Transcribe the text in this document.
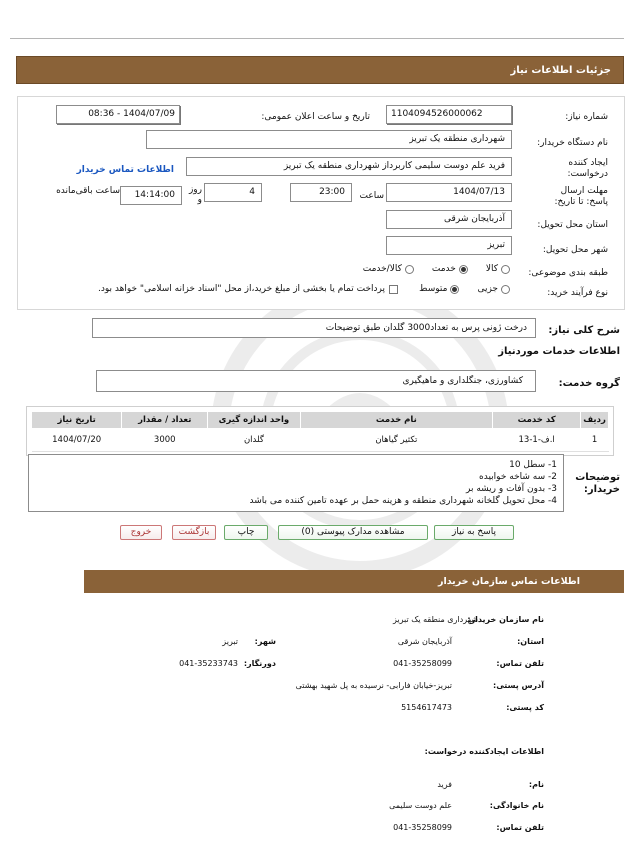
جزئیات اطلاعات نیاز
شماره نیاز:
1104094526000062
تاریخ و ساعت اعلان عمومی:
1404/07/09 - 08:36
نام دستگاه خریدار:
شهرداری منطقه یک تبریز
ایجاد کننده درخواست:
فرید علم دوست سلیمی کاربرداز شهرداری منطقه یک تبریز
اطلاعات تماس خریدار
مهلت ارسال پاسخ: تا تاریخ:
1404/07/13
ساعت
23:00
4
روز و
14:14:00
ساعت باقی‌مانده
استان محل تحویل:
آذربایجان شرقی
شهر محل تحویل:
تبریز
طبقه بندی موضوعی:
کالا
خدمت
کالا/خدمت
نوع فرآیند خرید:
جزیی
متوسط
پرداخت تمام یا بخشی از مبلغ خرید،از محل "اسناد خزانه اسلامی" خواهد بود.
شرح کلی نیاز:
درخت ژونی پرس به تعداد3000 گلدان طبق توضیحات
اطلاعات خدمات موردنیاز
گروه خدمت:
کشاورزی، جنگلداری و ماهیگیری
ردیف	کد خدمت	نام خدمت	واحد اندازه گیری	تعداد / مقدار	تاریخ نیاز
1	ا.ف-1-13	تکثیر گیاهان	گلدان	3000	1404/07/20
توضیحات خریدار:
1- سطل 10
2- سه شاخه خوابیده
3- بدون آفات و ریشه بر
4- محل تحویل گلخانه شهرداری منطقه و هزینه حمل بر عهده تامین کننده می باشد
پاسخ به نیاز
مشاهده مدارک پیوستی (0)
چاپ
بازگشت
خروج
اطلاعات تماس سازمان خریدار
نام سازمان خریدار:
شهرداری منطقه یک تبریز
استان:
آذربایجان شرقی
شهر:
تبریز
تلفن تماس:
041-35258099
دورنگار:
041-35233743
آدرس پستی:
تبریز-خیابان فارابی- نرسیده به پل شهید بهشتی
کد پستی:
5154617473
اطلاعات ایجادکننده درخواست:
نام:
فرید
نام خانوادگی:
علم دوست سلیمی
تلفن تماس:
041-35258099
